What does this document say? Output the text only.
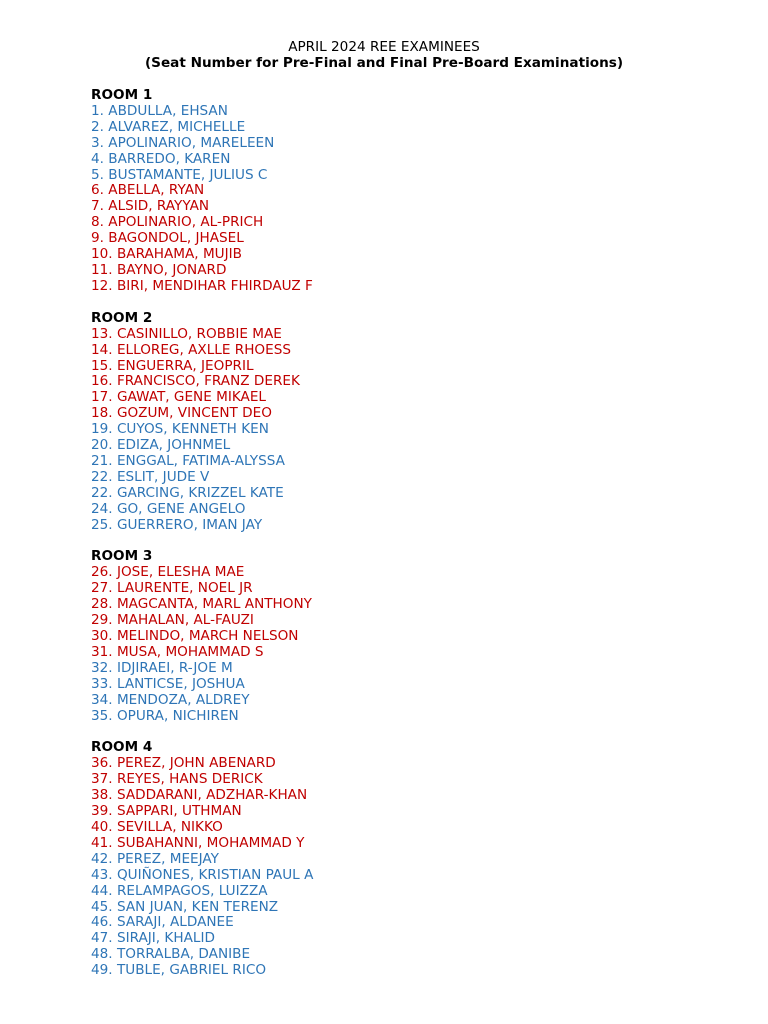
APRIL 2024 REE EXAMINEES
(Seat Number for Pre-Final and Final Pre-Board Examinations)
ROOM 1
1. ABDULLA, EHSAN
2. ALVAREZ, MICHELLE
3. APOLINARIO, MARELEEN
4. BARREDO, KAREN
5. BUSTAMANTE, JULIUS C
6. ABELLA, RYAN
7. ALSID, RAYYAN
8. APOLINARIO, AL-PRICH
9. BAGONDOL, JHASEL
10. BARAHAMA, MUJIB
11. BAYNO, JONARD
12. BIRI, MENDIHAR FHIRDAUZ F
ROOM 2
13. CASINILLO, ROBBIE MAE
14. ELLOREG, AXLLE RHOESS
15. ENGUERRA, JEOPRIL
16. FRANCISCO, FRANZ DEREK
17. GAWAT, GENE MIKAEL
18. GOZUM, VINCENT DEO
19. CUYOS, KENNETH KEN
20. EDIZA, JOHNMEL
21. ENGGAL, FATIMA-ALYSSA
22. ESLIT, JUDE V
22. GARCING, KRIZZEL KATE
24. GO, GENE ANGELO
25. GUERRERO, IMAN JAY
ROOM 3
26. JOSE, ELESHA MAE
27. LAURENTE, NOEL JR
28. MAGCANTA, MARL ANTHONY
29. MAHALAN, AL-FAUZI
30. MELINDO, MARCH NELSON
31. MUSA, MOHAMMAD S
32. IDJIRAEI, R-JOE M
33. LANTICSE, JOSHUA
34. MENDOZA, ALDREY
35. OPURA, NICHIREN
ROOM 4
36. PEREZ, JOHN ABENARD
37. REYES, HANS DERICK
38. SADDARANI, ADZHAR-KHAN
39. SAPPARI, UTHMAN
40. SEVILLA, NIKKO
41. SUBAHANNI, MOHAMMAD Y
42. PEREZ, MEEJAY
43. QUIÑONES, KRISTIAN PAUL A
44. RELAMPAGOS, LUIZZA
45. SAN JUAN, KEN TERENZ
46. SARAJI, ALDANEE
47. SIRAJI, KHALID
48. TORRALBA, DANIBE
49. TUBLE, GABRIEL RICO
